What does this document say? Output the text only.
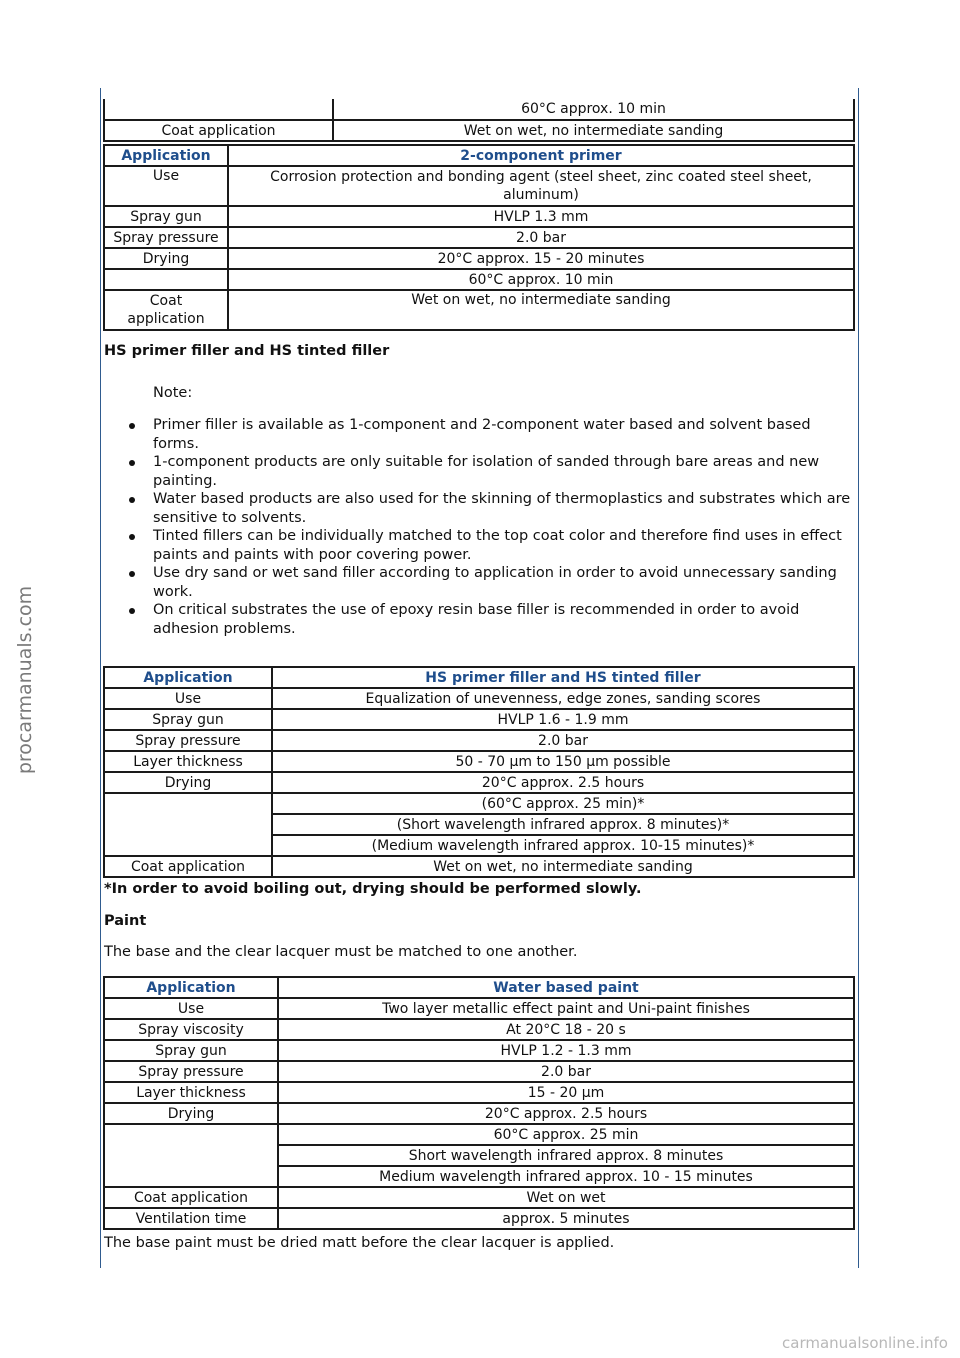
procarmanuals.com
carmanualsonline.info
	60°C approx. 10 min
Coat application	Wet on wet, no intermediate sanding
Application	2-component primer
Use	Corrosion protection and bonding agent (steel sheet, zinc coated steel sheet, aluminum)
Spray gun	HVLP 1.3 mm
Spray pressure	2.0 bar
Drying	20°C approx. 15 - 20 minutes
	60°C approx. 10 min
Coat application	Wet on wet, no intermediate sanding
HS primer filler and HS tinted filler
Note:
Primer filler is available as 1-component and 2-component water based and solvent based forms.
1-component products are only suitable for isolation of sanded through bare areas and new painting.
Water based products are also used for the skinning of thermoplastics and substrates which are sensitive to solvents.
Tinted fillers can be individually matched to the top coat color and therefore find uses in effect paints and paints with poor covering power.
Use dry sand or wet sand filler according to application in order to avoid unnecessary sanding work.
On critical substrates the use of epoxy resin base filler is recommended in order to avoid adhesion problems.
Application	HS primer filler and HS tinted filler
Use	Equalization of unevenness, edge zones, sanding scores
Spray gun	HVLP 1.6 - 1.9 mm
Spray pressure	2.0 bar
Layer thickness	50 - 70 µm to 150 µm possible
Drying	20°C approx. 2.5 hours
	(60°C approx. 25 min)*
	(Short wavelength infrared approx. 8 minutes)*
	(Medium wavelength infrared approx. 10-15 minutes)*
Coat application	Wet on wet, no intermediate sanding
*In order to avoid boiling out, drying should be performed slowly.
Paint
The base and the clear lacquer must be matched to one another.
Application	Water based paint
Use	Two layer metallic effect paint and Uni-paint finishes
Spray viscosity	At 20°C 18 - 20 s
Spray gun	HVLP 1.2 - 1.3 mm
Spray pressure	2.0 bar
Layer thickness	15 - 20 µm
Drying	20°C approx. 2.5 hours
	60°C approx. 25 min
	Short wavelength infrared approx. 8 minutes
	Medium wavelength infrared approx. 10 - 15 minutes
Coat application	Wet on wet
Ventilation time	approx. 5 minutes
The base paint must be dried matt before the clear lacquer is applied.
